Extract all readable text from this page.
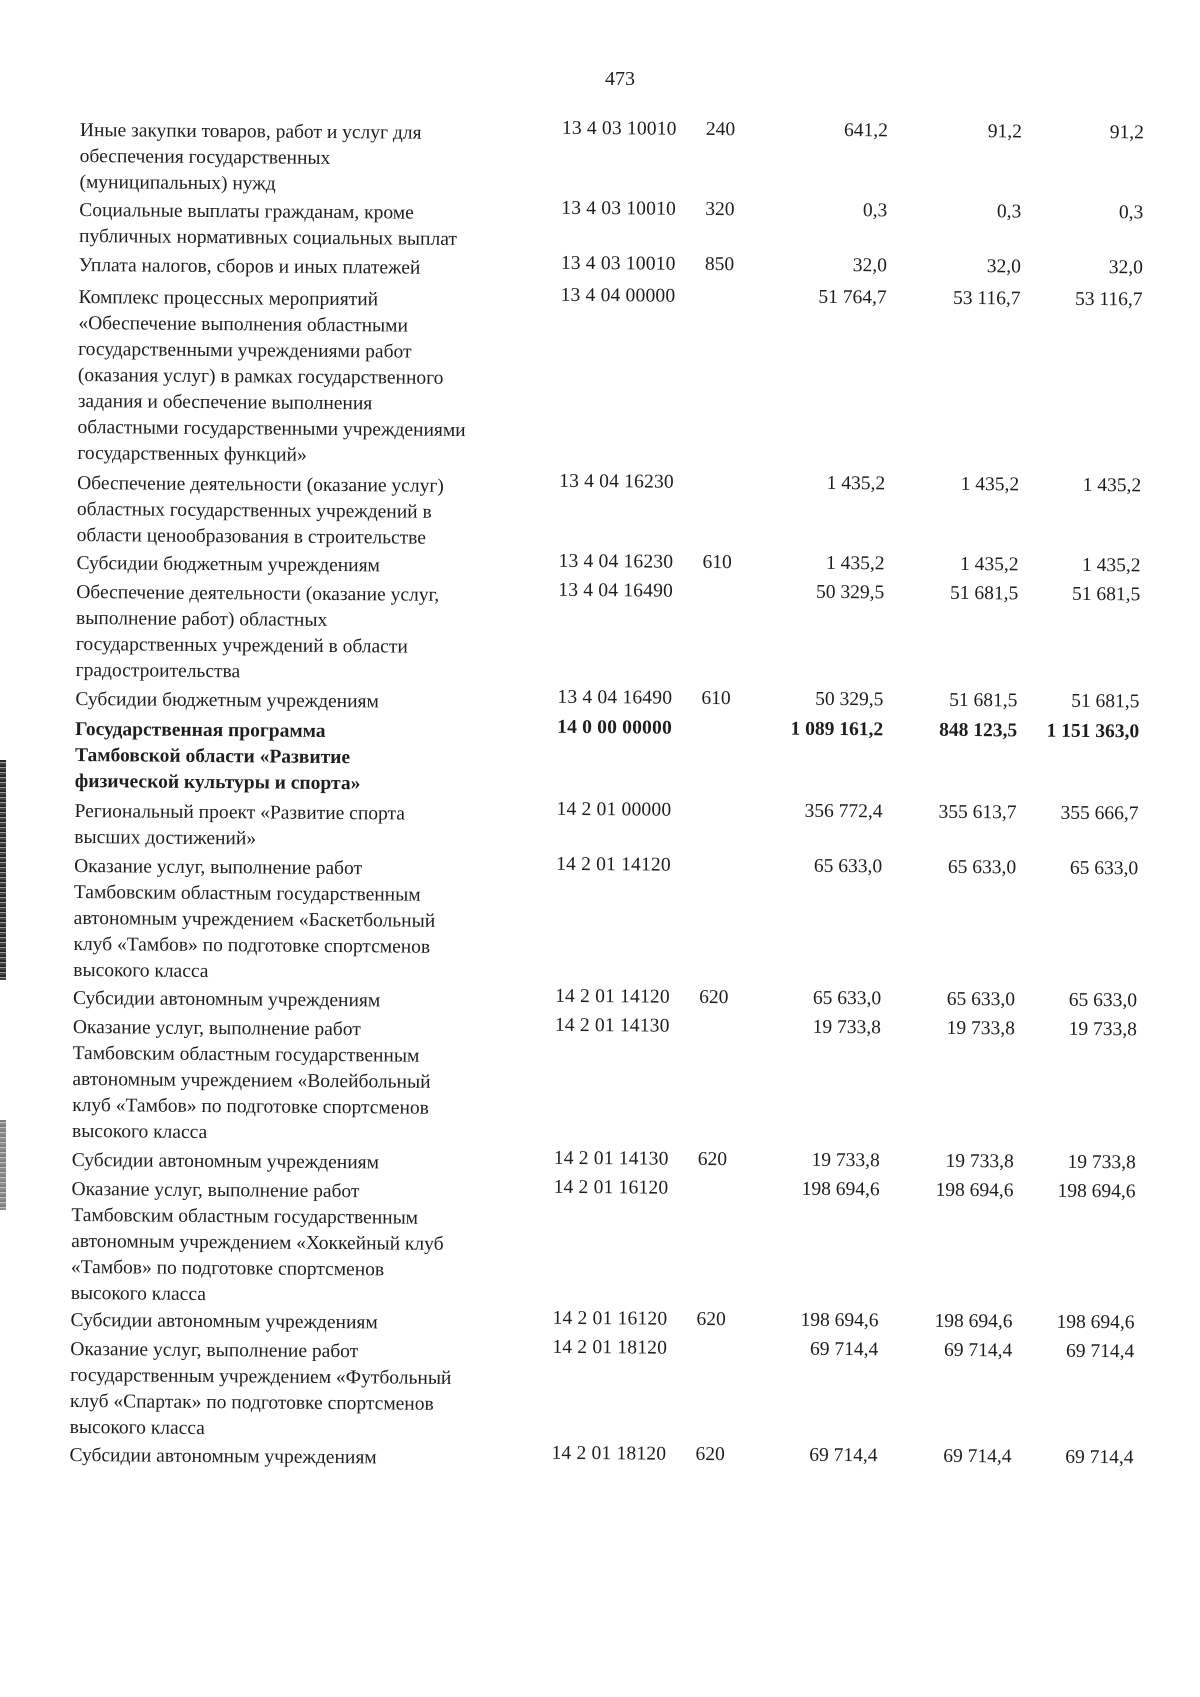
473
Иные закупки товаров, работ и услуг для
обеспечения государственных
(муниципальных) нужд
13 4 03 10010 240	641,2	91,2	91,2
Социальные выплаты гражданам, кроме
публичных нормативных социальных выплат
13 4 03 10010 320	0,3	0,3	0,3
Уплата налогов, сборов и иных платежей	13 4 03 10010 850	32,0	32,0	32,0
Комплекс процессных мероприятий
«Обеспечение выполнения областными
государственными учреждениями работ
(оказания услуг) в рамках государственного
задания и обеспечение выполнения
областными государственными учреждениями
государственных функций»
13 4 04 00000	51 764,7	53 116,7	53 116,7
Обеспечение деятельности (оказание услуг)
областных государственных учреждений в
области ценообразования в строительстве
13 4 04 16230	1 435,2	1 435,2	1 435,2
Субсидии бюджетным учреждениям	13 4 04 16230 610	1 435,2	1 435,2	1 435,2
Обеспечение деятельности (оказание услуг,
выполнение работ) областных
государственных учреждений в области
градостроительства
13 4 04 16490	50 329,5	51 681,5	51 681,5
Субсидии бюджетным учреждениям	13 4 04 16490 610	50 329,5	51 681,5	51 681,5
Государственная программа
Тамбовской области «Развитие
физической культуры и спорта»
14 0 00 00000	1 089 161,2	848 123,5	1 151 363,0
Региональный проект «Развитие спорта
высших достижений»
14 2 01 00000	356 772,4	355 613,7	355 666,7
Оказание услуг, выполнение работ
Тамбовским областным государственным
автономным учреждением «Баскетбольный
клуб «Тамбов» по подготовке спортсменов
высокого класса
14 2 01 14120	65 633,0	65 633,0	65 633,0
Субсидии автономным учреждениям	14 2 01 14120 620	65 633,0	65 633,0	65 633,0
Оказание услуг, выполнение работ
Тамбовским областным государственным
автономным учреждением «Волейбольный
клуб «Тамбов» по подготовке спортсменов
высокого класса
14 2 01 14130	19 733,8	19 733,8	19 733,8
Субсидии автономным учреждениям	14 2 01 14130 620	19 733,8	19 733,8	19 733,8
Оказание услуг, выполнение работ
Тамбовским областным государственным
автономным учреждением «Хоккейный клуб
«Тамбов» по подготовке спортсменов
высокого класса
14 2 01 16120	198 694,6	198 694,6	198 694,6
Субсидии автономным учреждениям	14 2 01 16120 620	198 694,6	198 694,6	198 694,6
Оказание услуг, выполнение работ
государственным учреждением «Футбольный
клуб «Спартак» по подготовке спортсменов
высокого класса
14 2 01 18120	69 714,4	69 714,4	69 714,4
Субсидии автономным учреждениям	14 2 01 18120 620	69 714,4	69 714,4	69 714,4
